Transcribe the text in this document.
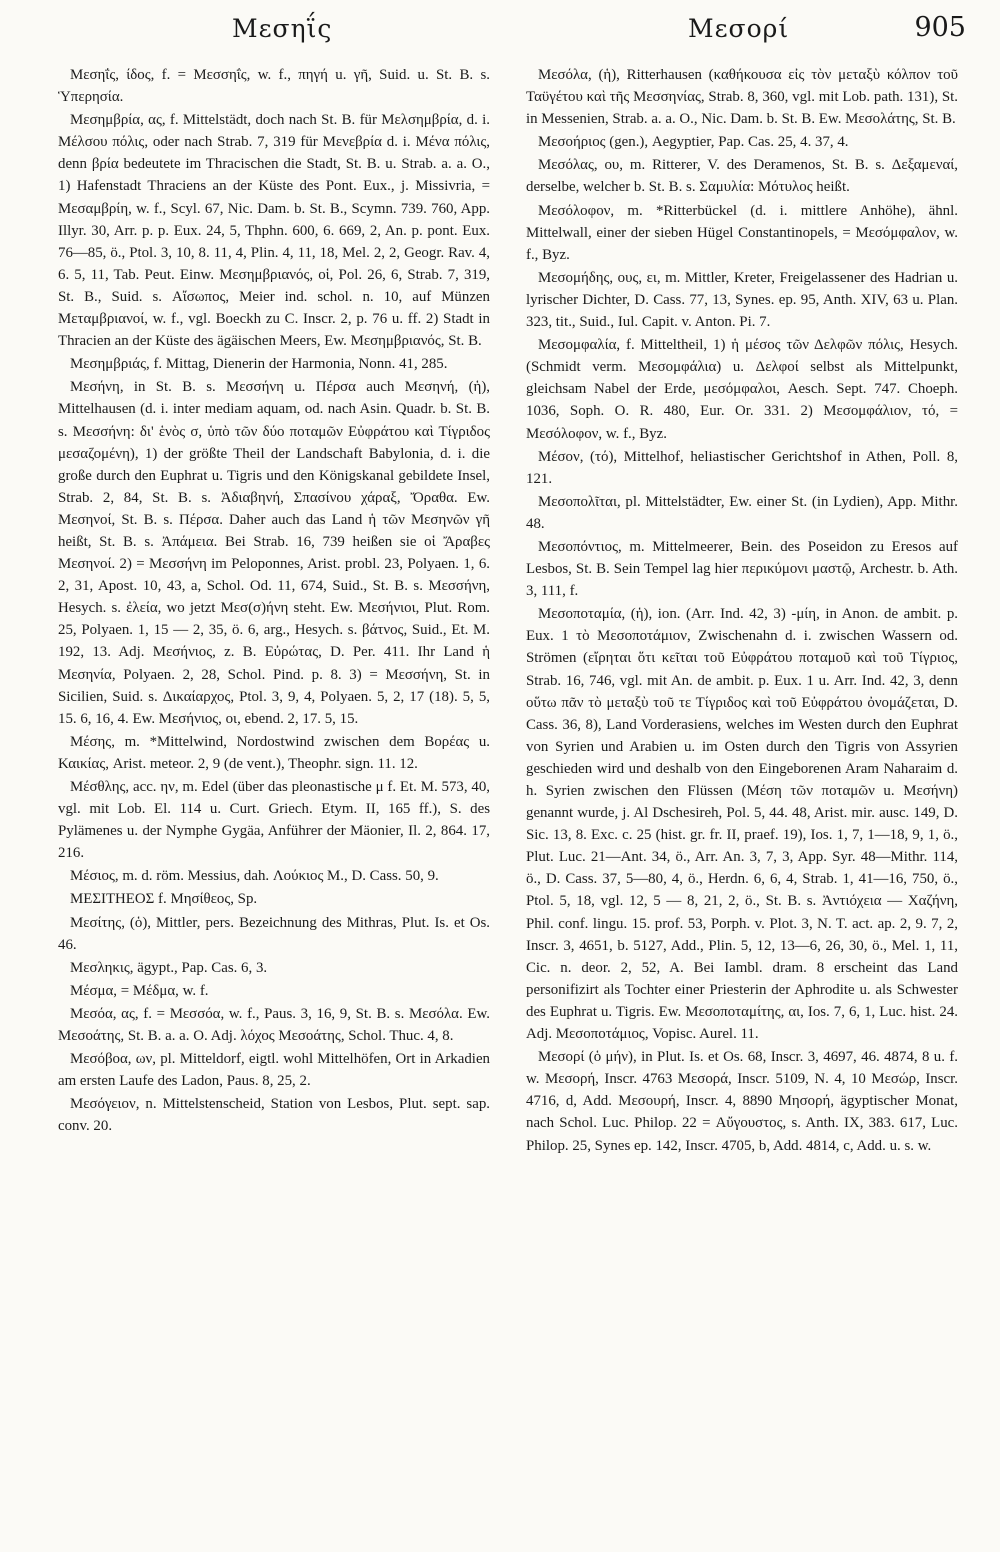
Μεσηΐς	Μεσορί	905

Μεσηΐς, ίδος, f. = Μεσσηΐς, w. f., πηγή u. γῆ, Suid. u. St. B. s. Ὑπερησία.

Μεσημβρία, ας, f. Mittelstädt, doch nach St. B. für Μελσημβρία, d. i. Μέλσου πόλις, oder nach Strab. 7, 319 für Μενεβρία d. i. Μένα πόλις, denn βρία bedeutete im Thracischen die Stadt, St. B. u. Strab. a. a. O., 1) Hafenstadt Thraciens an der Küste des Pont. Eux., j. Missivria, = Μεσαμβρίη, w. f., Scyl. 67, Nic. Dam. b. St. B., Scymn. 739. 760, App. Illyr. 30, Arr. p. p. Eux. 24, 5, Thphn. 600, 6. 669, 2, An. p. pont. Eux. 76—85, ö., Ptol. 3, 10, 8. 11, 4, Plin. 4, 11, 18, Mel. 2, 2, Geogr. Rav. 4, 6. 5, 11, Tab. Peut. Einw. Μεσημβριανός, οἱ, Pol. 26, 6, Strab. 7, 319, St. B., Suid. s. Αἴσωπος, Meier ind. schol. n. 10, auf Münzen Μεταμβριανοί, w. f., vgl. Boeckh zu C. Inscr. 2, p. 76 u. ff. 2) Stadt in Thracien an der Küste des ägäischen Meers, Ew. Μεσημβριανός, St. B.

Μεσημβριάς, f. Mittag, Dienerin der Harmonia, Nonn. 41, 285.

Μεσήνη, in St. B. s. Μεσσήνη u. Πέρσα auch Μεσηνή, (ἡ), Mittelhausen (d. i. inter mediam aquam, od. nach Asin. Quadr. b. St. B. s. Μεσσήνη: δι' ἑνὸς σ, ὑπὸ τῶν δύο ποταμῶν Εὐφράτου καὶ Τίγριδος μεσαζομένη), 1) der größte Theil der Landschaft Babylonia, d. i. die große durch den Euphrat u. Tigris und den Königskanal gebildete Insel, Strab. 2, 84, St. B. s. Ἀδιαβηνή, Σπασίνου χάραξ, Ὄραθα. Ew. Μεσηνοί, St. B. s. Πέρσα. Daher auch das Land ἡ τῶν Μεσηνῶν γῆ heißt, St. B. s. Ἀπάμεια. Bei Strab. 16, 739 heißen sie οἱ Ἄραβες Μεσηνοί. 2) = Μεσσήνη im Peloponnes, Arist. probl. 23, Polyaen. 1, 6. 2, 31, Apost. 10, 43, a, Schol. Od. 11, 674, Suid., St. B. s. Μεσσήνη, Hesych. s. ἐλεία, wo jetzt Μεσ(σ)ήνη steht. Ew. Μεσήνιοι, Plut. Rom. 25, Polyaen. 1, 15 — 2, 35, ö. 6, arg., Hesych. s. βάτνος, Suid., Et. M. 192, 13. Adj. Μεσήνιος, z. B. Εὐρώτας, D. Per. 411. Ihr Land ἡ Μεσηνία, Polyaen. 2, 28, Schol. Pind. p. 8. 3) = Μεσσήνη, St. in Sicilien, Suid. s. Δικαίαρχος, Ptol. 3, 9, 4, Polyaen. 5, 2, 17 (18). 5, 5, 15. 6, 16, 4. Ew. Μεσήνιος, οι, ebend. 2, 17. 5, 15.

Μέσης, m. *Mittelwind, Nordostwind zwischen dem Βορέας u. Καικίας, Arist. meteor. 2, 9 (de vent.), Theophr. sign. 11. 12.

Μέσθλης, acc. ην, m. Edel (über das pleonastische μ f. Et. M. 573, 40, vgl. mit Lob. El. 114 u. Curt. Griech. Etym. II, 165 ff.), S. des Pylämenes u. der Nymphe Gygäa, Anführer der Mäonier, Il. 2, 864. 17, 216.

Μέσιος, m. d. röm. Messius, dah. Λούκιος Μ., D. Cass. 50, 9.

ΜΕΣΙΤΗΕΟΣ f. Μησίθεος, Sp.

Μεσίτης, (ὁ), Mittler, pers. Bezeichnung des Mithras, Plut. Is. et Os. 46.

Μεσληκις, ägypt., Pap. Cas. 6, 3.

Μέσμα, = Μέδμα, w. f.

Μεσόα, ας, f. = Μεσσόα, w. f., Paus. 3, 16, 9, St. B. s. Μεσόλα. Ew. Μεσοάτης, St. B. a. a. O. Adj. λόχος Μεσοάτης, Schol. Thuc. 4, 8.

Μεσόβοα, ων, pl. Mitteldorf, eigtl. wohl Mittelhöfen, Ort in Arkadien am ersten Laufe des Ladon, Paus. 8, 25, 2.

Μεσόγειον, n. Mittelstenscheid, Station von Lesbos, Plut. sept. sap. conv. 20.

Μεσόλα, (ἡ), Ritterhausen (καθήκουσα εἰς τὸν μεταξὺ κόλπον τοῦ Ταϋγέτου καὶ τῆς Μεσσηνίας, Strab. 8, 360, vgl. mit Lob. path. 131), St. in Messenien, Strab. a. a. O., Nic. Dam. b. St. B. Ew. Μεσολάτης, St. B.

Μεσοήριος (gen.), Aegyptier, Pap. Cas. 25, 4. 37, 4.

Μεσόλας, ου, m. Ritterer, V. des Deramenos, St. B. s. Δεξαμεναί, derselbe, welcher b. St. B. s. Σαμυλία: Μότυλος heißt.

Μεσόλοφον, m. *Ritterbückel (d. i. mittlere Anhöhe), ähnl. Mittelwall, einer der sieben Hügel Constantinopels, = Μεσόμφαλον, w. f., Byz.

Μεσομήδης, ους, ει, m. Mittler, Kreter, Freigelassener des Hadrian u. lyrischer Dichter, D. Cass. 77, 13, Synes. ep. 95, Anth. XIV, 63 u. Plan. 323, tit., Suid., Iul. Capit. v. Anton. Pi. 7.

Μεσομφαλία, f. Mitteltheil, 1) ἡ μέσος τῶν Δελφῶν πόλις, Hesych. (Schmidt verm. Μεσομφάλια) u. Δελφοί selbst als Mittelpunkt, gleichsam Nabel der Erde, μεσόμφαλοι, Aesch. Sept. 747. Choeph. 1036, Soph. O. R. 480, Eur. Or. 331. 2) Μεσομφάλιον, τό, = Μεσόλοφον, w. f., Byz.

Μέσον, (τό), Mittelhof, heliastischer Gerichtshof in Athen, Poll. 8, 121.

Μεσοπολῖται, pl. Mittelstädter, Ew. einer St. (in Lydien), App. Mithr. 48.

Μεσοπόντιος, m. Mittelmeerer, Bein. des Poseidon zu Eresos auf Lesbos, St. B. Sein Tempel lag hier περικύμονι μαστῷ, Archestr. b. Ath. 3, 111, f.

Μεσοποταμία, (ἡ), ion. (Arr. Ind. 42, 3) -μίη, in Anon. de ambit. p. Eux. 1 τὸ Μεσοποτάμιον, Zwischenahn d. i. zwischen Wassern od. Strömen (εἴρηται ὅτι κεῖται τοῦ Εὐφράτου ποταμοῦ καὶ τοῦ Τίγριος, Strab. 16, 746, vgl. mit An. de ambit. p. Eux. 1 u. Arr. Ind. 42, 3, denn οὕτω πᾶν τὸ μεταξὺ τοῦ τε Τίγριδος καὶ τοῦ Εὐφράτου ὀνομάζεται, D. Cass. 36, 8), Land Vorderasiens, welches im Westen durch den Euphrat von Syrien und Arabien u. im Osten durch den Tigris von Assyrien geschieden wird und deshalb von den Eingeborenen Aram Naharaim d. h. Syrien zwischen den Flüssen (Μέση τῶν ποταμῶν u. Μεσήνη) genannt wurde, j. Al Dschesireh, Pol. 5, 44. 48, Arist. mir. ausc. 149, D. Sic. 13, 8. Exc. c. 25 (hist. gr. fr. II, praef. 19), Ios. 1, 7, 1—18, 9, 1, ö., Plut. Luc. 21—Ant. 34, ö., Arr. An. 3, 7, 3, App. Syr. 48—Mithr. 114, ö., D. Cass. 37, 5—80, 4, ö., Herdn. 6, 6, 4, Strab. 1, 41—16, 750, ö., Ptol. 5, 18, vgl. 12, 5 — 8, 21, 2, ö., St. B. s. Ἀντιόχεια — Χαζήνη, Phil. conf. lingu. 15. prof. 53, Porph. v. Plot. 3, N. T. act. ap. 2, 9. 7, 2, Inscr. 3, 4651, b. 5127, Add., Plin. 5, 12, 13—6, 26, 30, ö., Mel. 1, 11, Cic. n. deor. 2, 52, A. Bei Iambl. dram. 8 erscheint das Land personifizirt als Tochter einer Priesterin der Aphrodite u. als Schwester des Euphrat u. Tigris. Ew. Μεσοποταμίτης, αι, Ios. 7, 6, 1, Luc. hist. 24. Adj. Μεσοποτάμιος, Vopisc. Aurel. 11.

Μεσορί (ὁ μήν), in Plut. Is. et Os. 68, Inscr. 3, 4697, 46. 4874, 8 u. f. w. Μεσορή, Inscr. 4763 Μεσορά, Inscr. 5109, N. 4, 10 Μεσώρ, Inscr. 4716, d, Add. Μεσουρή, Inscr. 4, 8890 Μησορή, ägyptischer Monat, nach Schol. Luc. Philop. 22 = Αὔγουστος, s. Anth. IX, 383. 617, Luc. Philop. 25, Synes ep. 142, Inscr. 4705, b, Add. 4814, c, Add. u. s. w.
